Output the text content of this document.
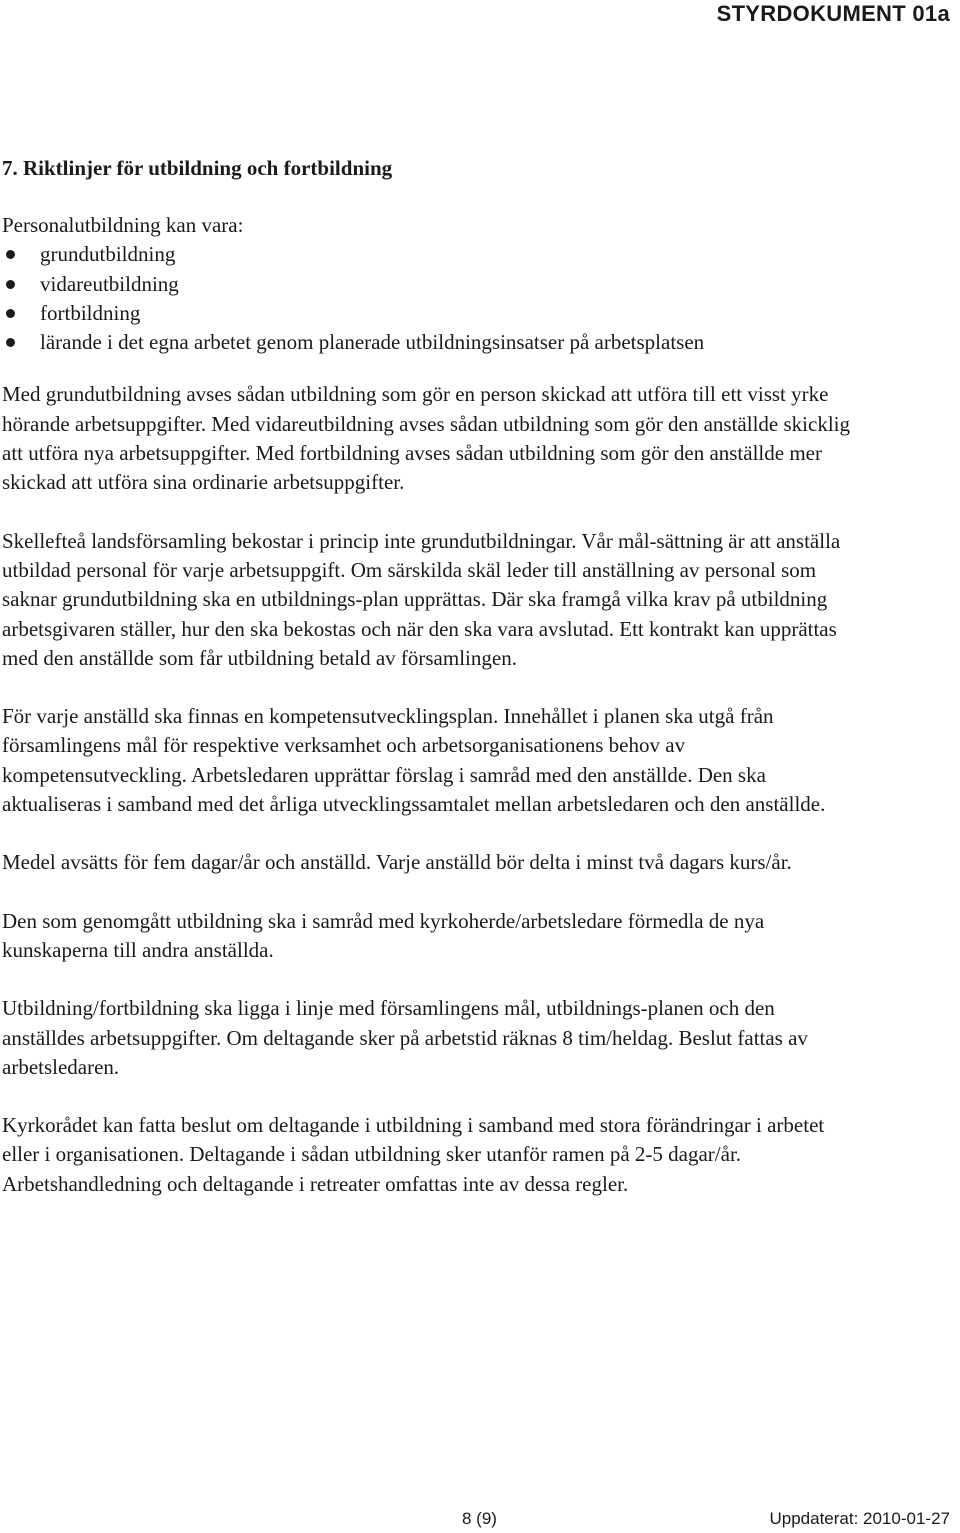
STYRDOKUMENT 01a
7. Riktlinjer för utbildning och fortbildning

Personalutbildning kan vara:

grundutbildning
vidareutbildning
fortbildning
lärande i det egna arbetet genom planerade utbildningsinsatser på arbetsplatsen

Med grundutbildning avses sådan utbildning som gör en person skickad att utföra till ett visst yrke hörande arbetsuppgifter. Med vidareutbildning avses sådan utbildning som gör den anställde skicklig att utföra nya arbetsuppgifter. Med fortbildning avses sådan utbildning som gör den anställde mer skickad att utföra sina ordinarie arbetsuppgifter.

Skellefteå landsförsamling bekostar i princip inte grundutbildningar. Vår mål-sättning är att anställa utbildad personal för varje arbetsuppgift. Om särskilda skäl leder till anställning av personal som saknar grundutbildning ska en utbildnings-plan upprättas. Där ska framgå vilka krav på utbildning arbetsgivaren ställer, hur den ska bekostas och när den ska vara avslutad. Ett kontrakt kan upprättas med den anställde som får utbildning betald av församlingen.

För varje anställd ska finnas en kompetensutvecklingsplan. Innehållet i planen ska utgå från församlingens mål för respektive verksamhet och arbetsorganisationens behov av kompetensutveckling. Arbetsledaren upprättar förslag i samråd med den anställde. Den ska aktualiseras i samband med det årliga utvecklingssamtalet mellan arbetsledaren och den anställde.

Medel avsätts för fem dagar/år och anställd. Varje anställd bör delta i minst två dagars kurs/år.

Den som genomgått utbildning ska i samråd med kyrkoherde/arbetsledare förmedla de nya kunskaperna till andra anställda.

Utbildning/fortbildning ska ligga i linje med församlingens mål, utbildnings-planen och den anställdes arbetsuppgifter. Om deltagande sker på arbetstid räknas 8 tim/heldag. Beslut fattas av arbetsledaren.

Kyrkorådet kan fatta beslut om deltagande i utbildning i samband med stora förändringar i arbetet eller i organisationen. Deltagande i sådan utbildning sker utanför ramen på 2-5 dagar/år. Arbetshandledning och deltagande i retreater omfattas inte av dessa regler.

8 (9)	Uppdaterat: 2010-01-27
